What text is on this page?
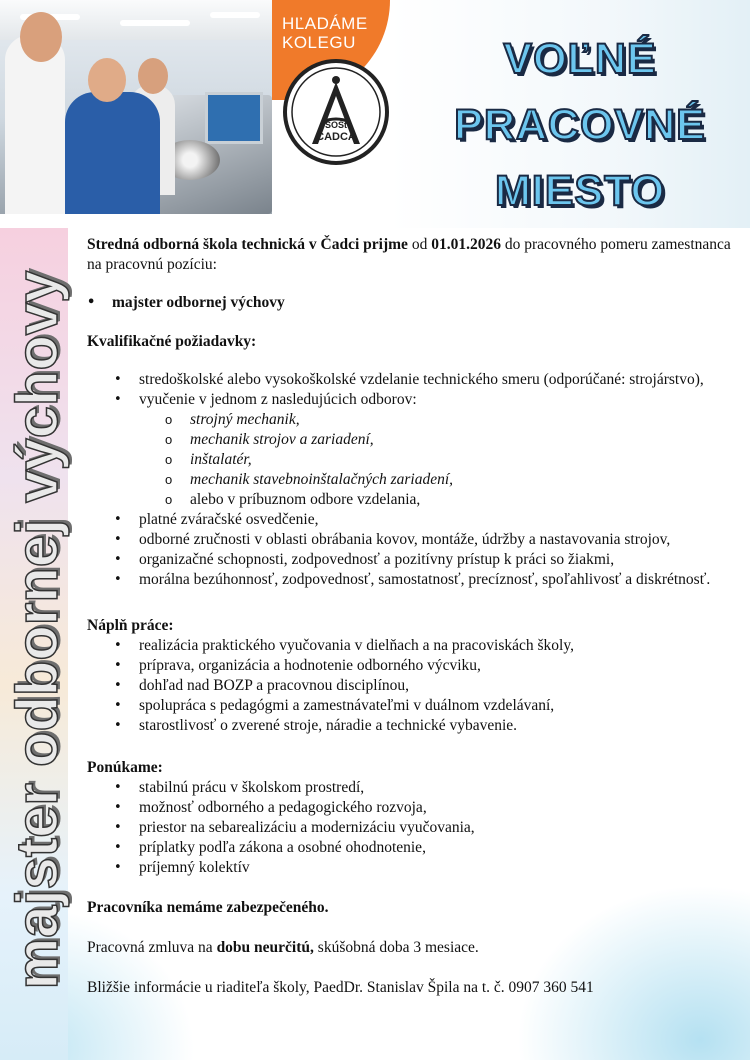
HĽADÁME
KOLEGU
SOŠt
ČADCA
VOĽNÉ
PRACOVNÉ
MIESTO
majster odbornej výchovy

Stredná odborná škola technická v Čadci prijme od 01.01.2026 do pracovného pomeru zamestnanca na pracovnú pozíciu:

• majster odbornej výchovy

Kvalifikačné požiadavky:

• stredoškolské alebo vysokoškolské vzdelanie technického smeru (odporúčané: strojárstvo),
• vyučenie v jednom z nasledujúcich odborov:
o strojný mechanik,
o mechanik strojov a zariadení,
o inštalatér,
o mechanik stavebnoinštalačných zariadení,
o alebo v príbuznom odbore vzdelania,
• platné zváračské osvedčenie,
• odborné zručnosti v oblasti obrábania kovov, montáže, údržby a nastavovania strojov,
• organizačné schopnosti, zodpovednosť a pozitívny prístup k práci so žiakmi,
• morálna bezúhonnosť, zodpovednosť, samostatnosť, precíznosť, spoľahlivosť a diskrétnosť.

Náplň práce:

• realizácia praktického vyučovania v dielňach a na pracoviskách školy,
• príprava, organizácia a hodnotenie odborného výcviku,
• dohľad nad BOZP a pracovnou disciplínou,
• spolupráca s pedagógmi a zamestnávateľmi v duálnom vzdelávaní,
• starostlivosť o zverené stroje, náradie a technické vybavenie.

Ponúkame:

• stabilnú prácu v školskom prostredí,
• možnosť odborného a pedagogického rozvoja,
• priestor na sebarealizáciu a modernizáciu vyučovania,
• príplatky podľa zákona a osobné ohodnotenie,
• príjemný kolektív

Pracovníka nemáme zabezpečeného.

Pracovná zmluva na dobu neurčitú, skúšobná doba 3 mesiace.

Bližšie informácie u riaditeľa školy, PaedDr. Stanislav Špila na t. č. 0907 360 541
